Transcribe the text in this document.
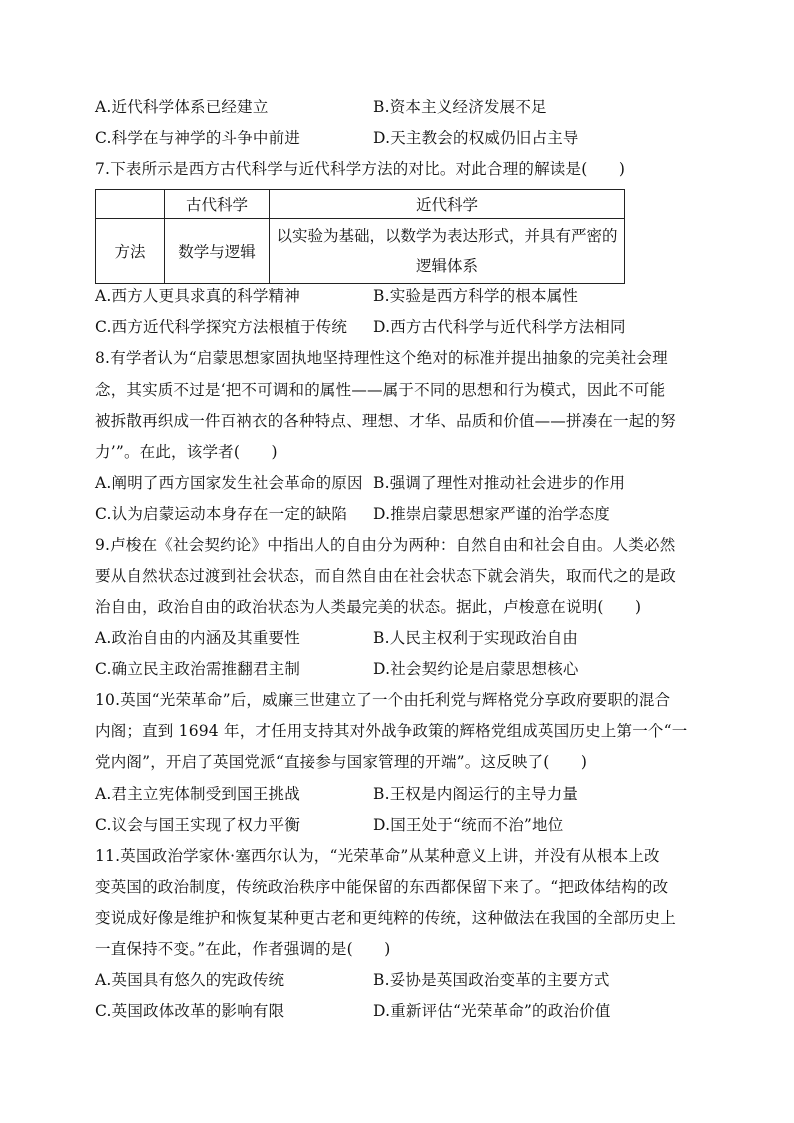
A.近代科学体系已经建立	B.资本主义经济发展不足
C.科学在与神学的斗争中前进	D.天主教会的权威仍旧占主导
7.下表所示是西方古代科学与近代科学方法的对比。对此合理的解读是(　　)
	古代科学	近代科学
方法	数学与逻辑	以实验为基础，以数学为表达形式，并具有严密的
逻辑体系
A.西方人更具求真的科学精神	B.实验是西方科学的根本属性
C.西方近代科学探究方法根植于传统 D.西方古代科学与近代科学方法相同
8.有学者认为“启蒙思想家固执地坚持理性这个绝对的标准并提出抽象的完美社会理
念，其实质不过是‘把不可调和的属性——属于不同的思想和行为模式，因此不可能
被拆散再织成一件百衲衣的各种特点、理想、才华、品质和价值——拼凑在一起的努
力’”。在此，该学者(　　)
A.阐明了西方国家发生社会革命的原因 B.强调了理性对推动社会进步的作用
C.认为启蒙运动本身存在一定的缺陷 D.推崇启蒙思想家严谨的治学态度
9.卢梭在《社会契约论》中指出人的自由分为两种：自然自由和社会自由。人类必然
要从自然状态过渡到社会状态，而自然自由在社会状态下就会消失，取而代之的是政
治自由，政治自由的政治状态为人类最完美的状态。据此，卢梭意在说明(　　)
A.政治自由的内涵及其重要性	B.人民主权利于实现政治自由
C.确立民主政治需推翻君主制	D.社会契约论是启蒙思想核心
10.英国“光荣革命”后，威廉三世建立了一个由托利党与辉格党分享政府要职的混合
内阁；直到 1694 年，才任用支持其对外战争政策的辉格党组成英国历史上第一个“一
党内阁”，开启了英国党派“直接参与国家管理的开端”。这反映了(　　)
A.君主立宪体制受到国王挑战	B.王权是内阁运行的主导力量
C.议会与国王实现了权力平衡	D.国王处于“统而不治”地位
11.英国政治学家休·塞西尔认为，“光荣革命”从某种意义上讲，并没有从根本上改
变英国的政治制度，传统政治秩序中能保留的东西都保留下来了。“把政体结构的改
变说成好像是维护和恢复某种更古老和更纯粹的传统，这种做法在我国的全部历史上
一直保持不变。”在此，作者强调的是(　　)
A.英国具有悠久的宪政传统	B.妥协是英国政治变革的主要方式
C.英国政体改革的影响有限	D.重新评估“光荣革命”的政治价值
